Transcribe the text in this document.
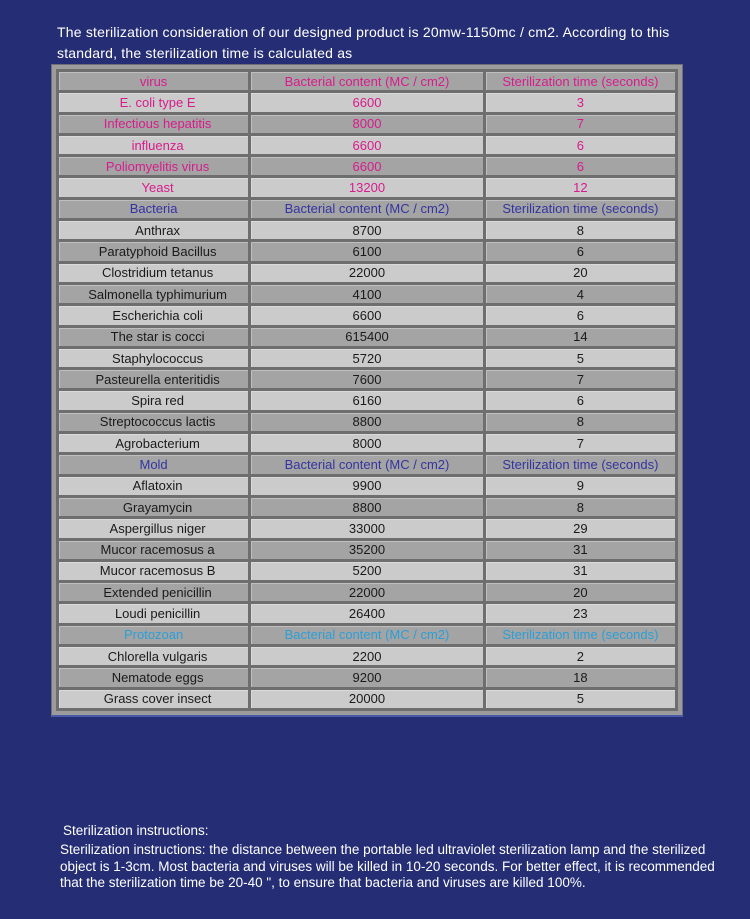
The sterilization consideration of our designed product is 20mw-1150mc / cm2. According to this standard, the sterilization time is calculated as
virus	Bacterial content (MC / cm2)	Sterilization time (seconds)
E. coli type E	6600	3
Infectious hepatitis	8000	7
influenza	6600	6
Poliomyelitis virus	6600	6
Yeast	13200	12
Bacteria	Bacterial content (MC / cm2)	Sterilization time (seconds)
Anthrax	8700	8
Paratyphoid Bacillus	6100	6
Clostridium tetanus	22000	20
Salmonella typhimurium	4100	4
Escherichia coli	6600	6
The star is cocci	615400	14
Staphylococcus	5720	5
Pasteurella enteritidis	7600	7
Spira red	6160	6
Streptococcus lactis	8800	8
Agrobacterium	8000	7
Mold	Bacterial content (MC / cm2)	Sterilization time (seconds)
Aflatoxin	9900	9
Grayamycin	8800	8
Aspergillus niger	33000	29
Mucor racemosus a	35200	31
Mucor racemosus B	5200	31
Extended penicillin	22000	20
Loudi penicillin	26400	23
Protozoan	Bacterial content (MC / cm2)	Sterilization time (seconds)
Chlorella vulgaris	2200	2
Nematode eggs	9200	18
Grass cover insect	20000	5
Sterilization instructions:
Sterilization instructions: the distance between the portable led ultraviolet sterilization lamp and the sterilized object is 1-3cm. Most bacteria and viruses will be killed in 10-20 seconds. For better effect, it is recommended that the sterilization time be 20-40 ", to ensure that bacteria and viruses are killed 100%.
